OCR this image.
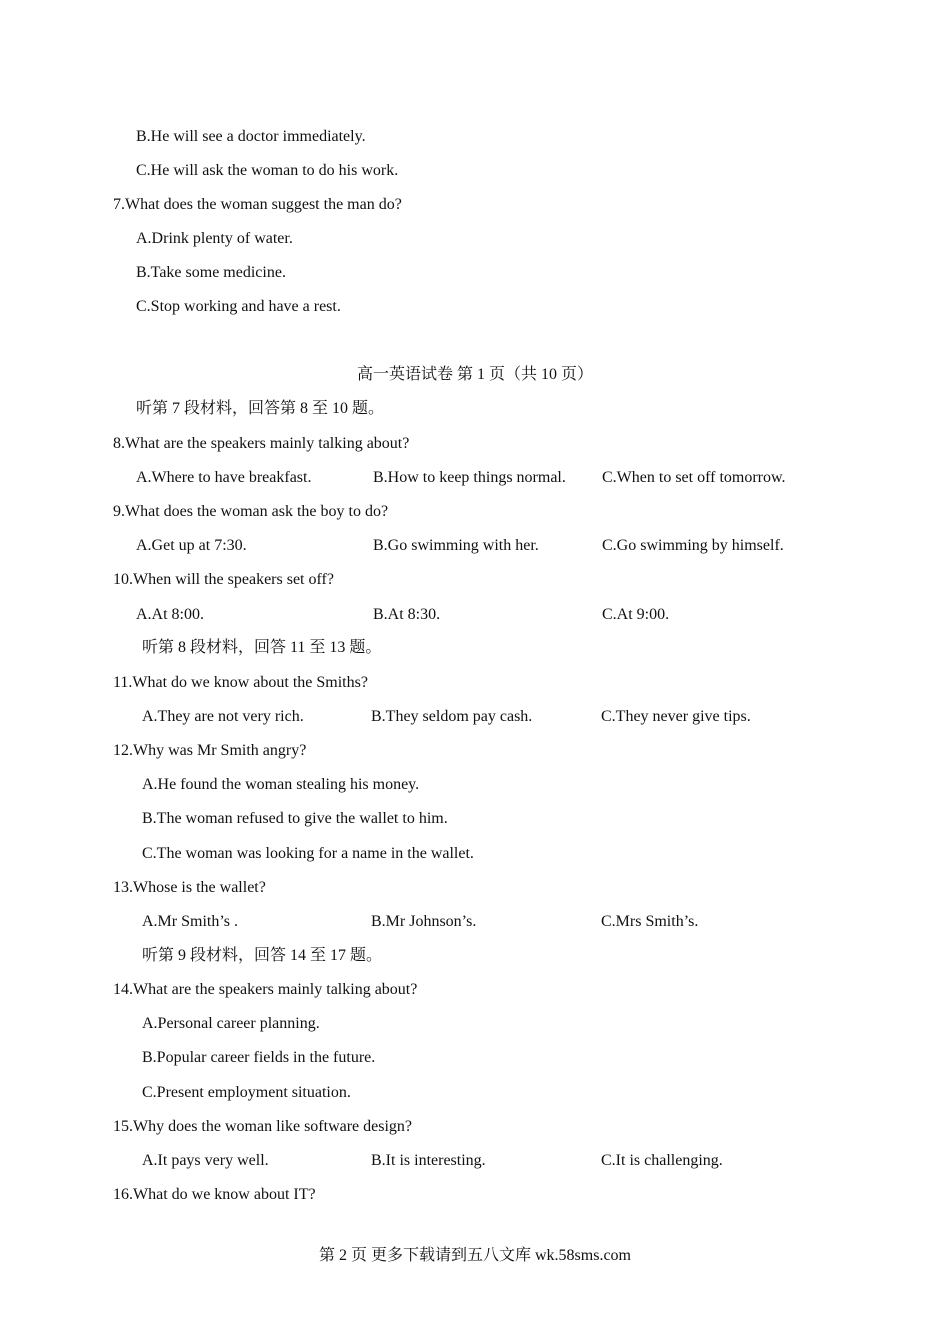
B.He will see a doctor immediately.
C.He will ask the woman to do his work.
7.What does the woman suggest the man do?
A.Drink plenty of water.
B.Take some medicine.
C.Stop working and have a rest.
高一英语试卷 第 1 页（共 10 页）
听第 7 段材料，回答第 8 至 10 题。
8.What are the speakers mainly talking about?
A.Where to have breakfast.	B.How to keep things normal. C.When to set off tomorrow.
9.What does the woman ask the boy to do?
A.Get up at 7:30.	B.Go swimming with her.	C.Go swimming by himself.
10.When will the speakers set off?
A.At 8:00.	B.At 8:30.	C.At 9:00.
听第 8 段材料，回答 11 至 13 题。
11.What do we know about the Smiths?
A.They are not very rich.	B.They seldom pay cash.	C.They never give tips.
12.Why was Mr Smith angry?
A.He found the woman stealing his money.
B.The woman refused to give the wallet to him.
C.The woman was looking for a name in the wallet.
13.Whose is the wallet?
A.Mr Smith’s .	B.Mr Johnson’s.	C.Mrs Smith’s.
听第 9 段材料，回答 14 至 17 题。
14.What are the speakers mainly talking about?
A.Personal career planning.
B.Popular career fields in the future.
C.Present employment situation.
15.Why does the woman like software design?
A.It pays very well.	B.It is interesting.	C.It is challenging.
16.What do we know about IT?
第 2 页 更多下载请到五八文库 wk.58sms.com
